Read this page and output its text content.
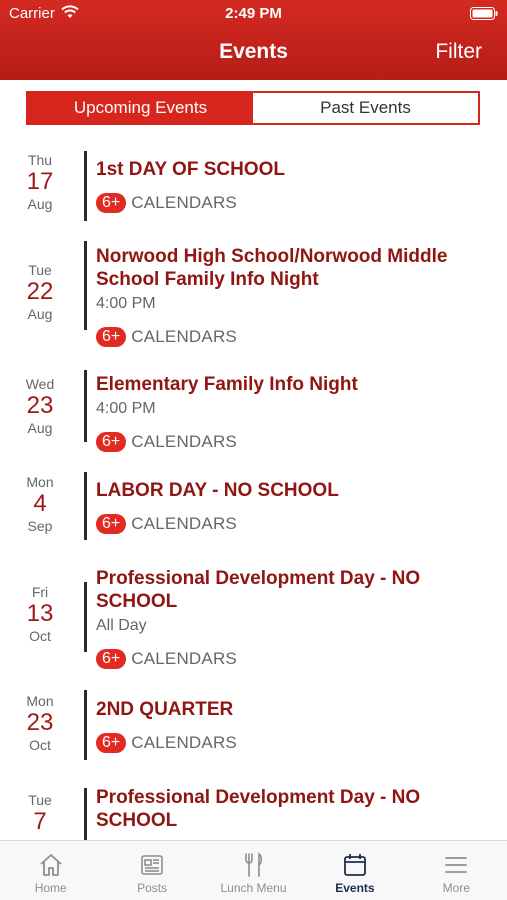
Carrier	2:49 PM
Events	Filter
Upcoming Events	Past Events
Thu
17
Aug
1st DAY OF SCHOOL
6+ CALENDARS
Tue
22
Aug
Norwood High School/Norwood Middle School Family Info Night
4:00 PM
6+ CALENDARS
Wed
23
Aug
Elementary Family Info Night
4:00 PM
6+ CALENDARS
Mon
4
Sep
LABOR DAY - NO SCHOOL
6+ CALENDARS
Fri
13
Oct
Professional Development Day - NO SCHOOL
All Day
6+ CALENDARS
Mon
23
Oct
2ND QUARTER
6+ CALENDARS
Tue
7
Professional Development Day - NO SCHOOL
Home	Posts	Lunch Menu	Events	More
